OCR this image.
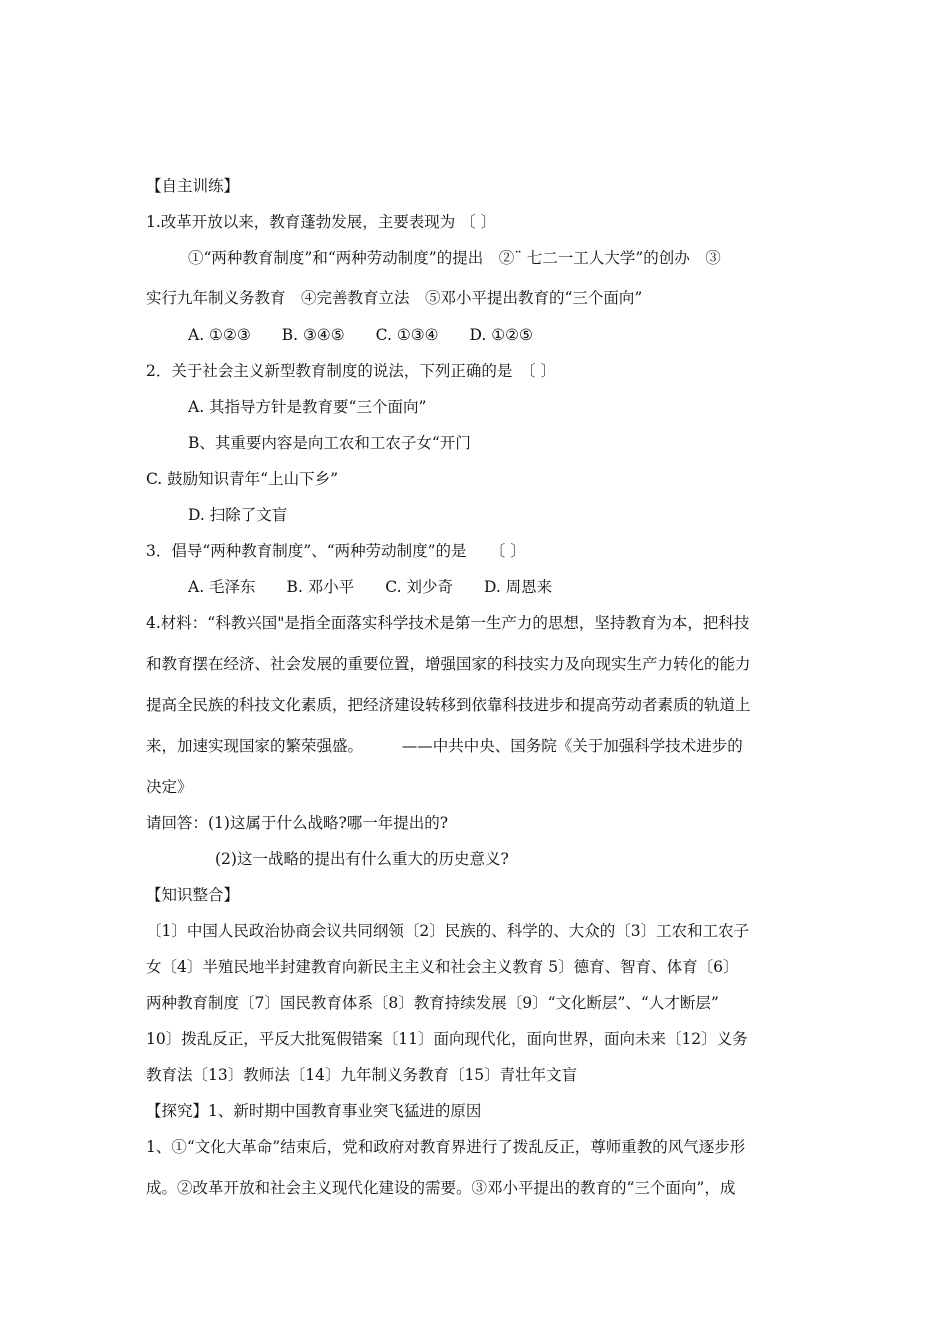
【自主训练】
1.改革开放以来，教育蓬勃发展，主要表现为 〔 〕
①“两种教育制度”和“两种劳动制度”的提出　②¨ 七二一工人大学”的创办　③
实行九年制义务教育　④完善教育立法　⑤邓小平提出教育的“三个面向”
A. ①②③　　B. ③④⑤　　C. ①③④　　D. ①②⑤
2．关于社会主义新型教育制度的说法，下列正确的是　〔 〕
A. 其指导方针是教育要“三个面向”
B、其重要内容是向工农和工农子女“开门
C. 鼓励知识青年“上山下乡”
D. 扫除了文盲
3．倡导“两种教育制度”、“两种劳动制度”的是　　〔 〕
A. 毛泽东　　B. 邓小平　　C. 刘少奇　　D. 周恩来
4.材料：“科教兴国"是指全面落实科学技术是第一生产力的思想，坚持教育为本，把科技
和教育摆在经济、社会发展的重要位置，增强国家的科技实力及向现实生产力转化的能力
提高全民族的科技文化素质，把经济建设转移到依靠科技进步和提高劳动者素质的轨道上
来，加速实现国家的繁荣强盛。　　　——中共中央、国务院《关于加强科学技术进步的
决定》
请回答：(1)这属于什么战略?哪一年提出的?
(2)这一战略的提出有什么重大的历史意义?
【知识整合】
〔1〕中国人民政治协商会议共同纲领〔2〕民族的、科学的、大众的〔3〕工农和工农子
女〔4〕半殖民地半封建教育向新民主主义和社会主义教育 5〕德育、智育、体育〔6〕
两种教育制度〔7〕国民教育体系〔8〕教育持续发展〔9〕“文化断层”、“人才断层”
10〕拨乱反正，平反大批冤假错案〔11〕面向现代化，面向世界，面向未来〔12〕义务
教育法〔13〕教师法〔14〕九年制义务教育〔15〕青壮年文盲
【探究】1、新时期中国教育事业突飞猛进的原因
1、①“文化大革命”结束后，党和政府对教育界进行了拨乱反正，尊师重教的风气逐步形
成。②改革开放和社会主义现代化建设的需要。③邓小平提出的教育的“三个面向”，成
